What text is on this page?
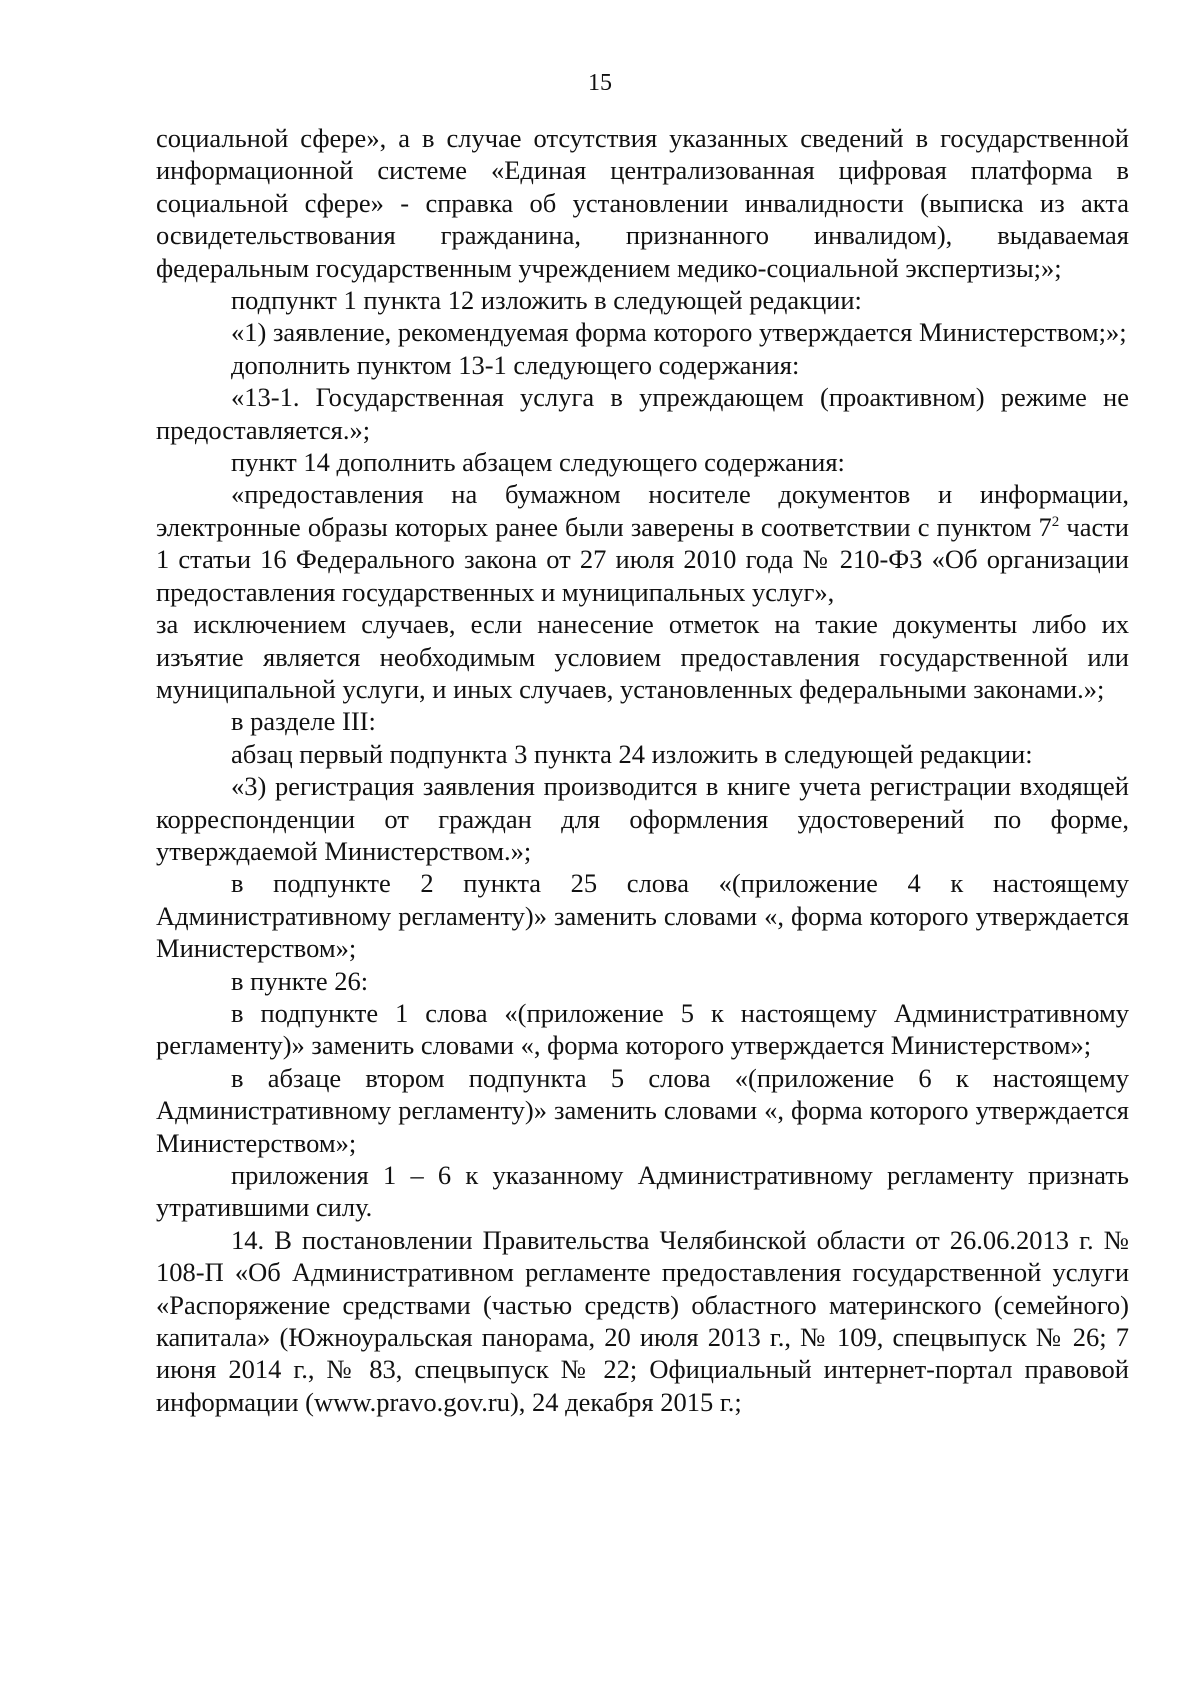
15

социальной сфере», а в случае отсутствия указанных сведений в государственной информационной системе «Единая централизованная цифровая платформа в социальной сфере» - справка об установлении инвалидности (выписка из акта освидетельствования гражданина, признанного инвалидом), выдаваемая федеральным государственным учреждением медико-социальной экспертизы;»;

подпункт 1 пункта 12 изложить в следующей редакции:

«1) заявление, рекомендуемая форма которого утверждается Министерством;»;

дополнить пунктом 13-1 следующего содержания:

«13-1. Государственная услуга в упреждающем (проактивном) режиме не предоставляется.»;

пункт 14 дополнить абзацем следующего содержания:

«предоставления на бумажном носителе документов и информации, электронные образы которых ранее были заверены в соответствии с пунктом $7^2$ части 1 статьи 16 Федерального закона от 27 июля 2010 года № 210-ФЗ «Об организации предоставления государственных и муниципальных услуг»,

за исключением случаев, если нанесение отметок на такие документы либо их изъятие является необходимым условием предоставления государственной или муниципальной услуги, и иных случаев, установленных федеральными законами.»;

в разделе III:

абзац первый подпункта 3 пункта 24 изложить в следующей редакции:

«3) регистрация заявления производится в книге учета регистрации входящей корреспонденции от граждан для оформления удостоверений по форме, утверждаемой Министерством.»;

в подпункте 2 пункта 25 слова «(приложение 4 к настоящему Административному регламенту)» заменить словами «, форма которого утверждается Министерством»;

в пункте 26:

в подпункте 1 слова «(приложение 5 к настоящему Административному регламенту)» заменить словами «, форма которого утверждается Министерством»;

в абзаце втором подпункта 5 слова «(приложение 6 к настоящему Административному регламенту)» заменить словами «, форма которого утверждается Министерством»;

приложения 1 – 6 к указанному Административному регламенту признать утратившими силу.

14. В постановлении Правительства Челябинской области от 26.06.2013 г. № 108-П «Об Административном регламенте предоставления государственной услуги «Распоряжение средствами (частью средств) областного материнского (семейного) капитала» (Южноуральская панорама, 20 июля 2013 г., № 109, спецвыпуск № 26; 7 июня 2014 г., № 83, спецвыпуск № 22; Официальный интернет-портал правовой информации (www.pravo.gov.ru), 24 декабря 2015 г.;
